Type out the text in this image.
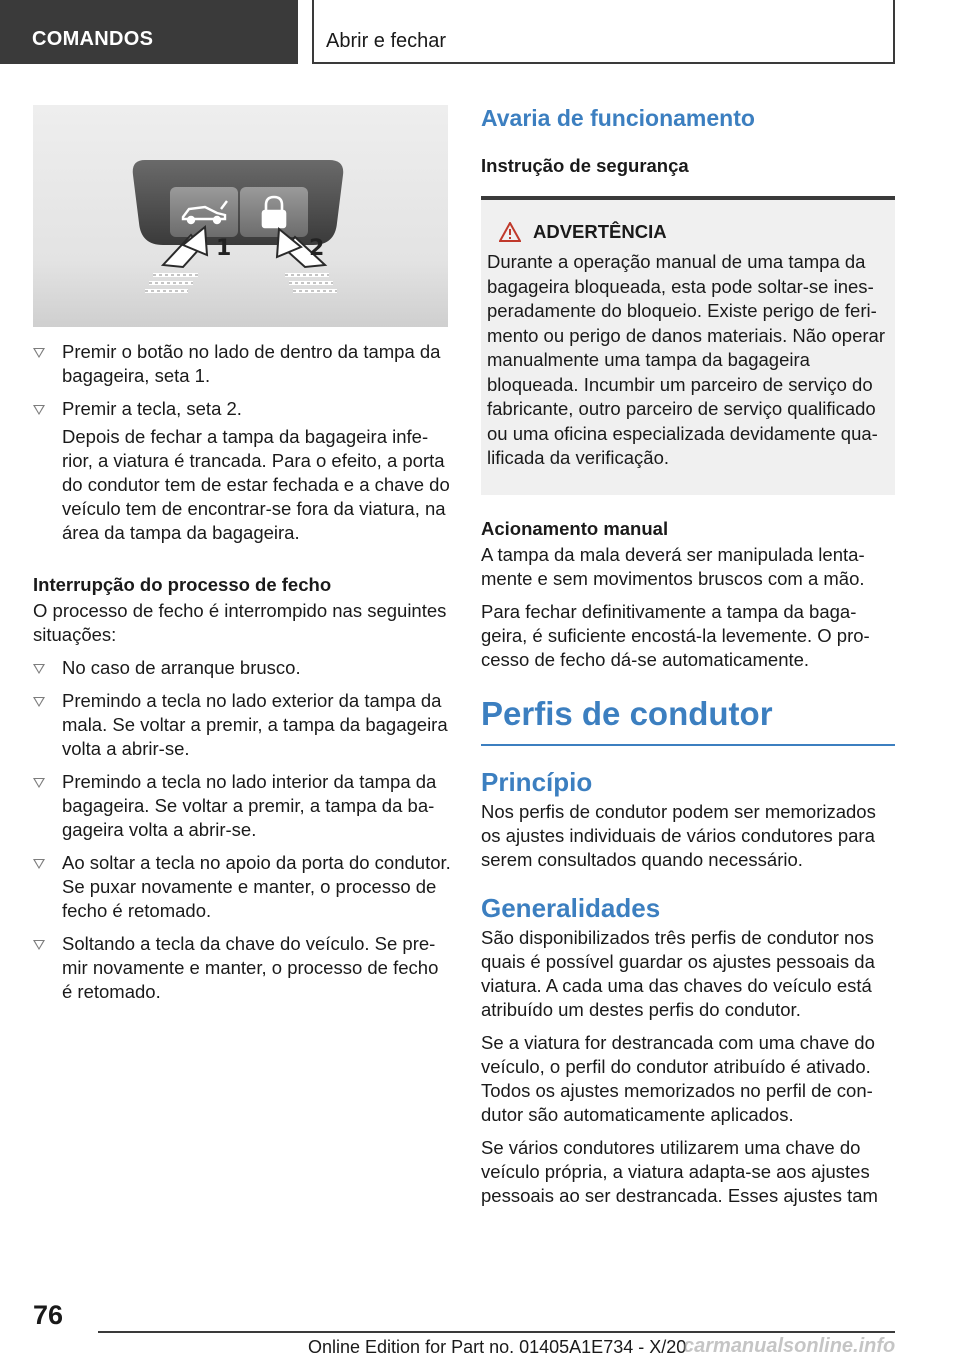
COMANDOS	Abrir e fechar
1	2
Premir o botão no lado de dentro da tampa da bagageira, seta 1.
Premir a tecla, seta 2.
Depois de fechar a tampa da bagageira inferior, a viatura é trancada. Para o efeito, a porta do condutor tem de estar fechada e a chave do veículo tem de encontrar-se fora da viatura, na área da tampa da bagageira.
Interrupção do processo de fecho
O processo de fecho é interrompido nas seguintes situações:
No caso de arranque brusco.
Premindo a tecla no lado exterior da tampa da mala. Se voltar a premir, a tampa da bagageira volta a abrir-se.
Premindo a tecla no lado interior da tampa da bagageira. Se voltar a premir, a tampa da bagageira volta a abrir-se.
Ao soltar a tecla no apoio da porta do condutor. Se puxar novamente e manter, o processo de fecho é retomado.
Soltando a tecla da chave do veículo. Se premir novamente e manter, o processo de fecho é retomado.
Avaria de funcionamento
Instrução de segurança
ADVERTÊNCIA
Durante a operação manual de uma tampa da bagageira bloqueada, esta pode soltar-se inesperadamente do bloqueio. Existe perigo de ferimento ou perigo de danos materiais. Não operar manualmente uma tampa da bagageira bloqueada. Incumbir um parceiro de serviço do fabricante, outro parceiro de serviço qualificado ou uma oficina especializada devidamente qualificada da verificação.
Acionamento manual
A tampa da mala deverá ser manipulada lentamente e sem movimentos bruscos com a mão.
Para fechar definitivamente a tampa da bagageira, é suficiente encostá-la levemente. O processo de fecho dá-se automaticamente.
Perfis de condutor
Princípio
Nos perfis de condutor podem ser memorizados os ajustes individuais de vários condutores para serem consultados quando necessário.
Generalidades
São disponibilizados três perfis de condutor nos quais é possível guardar os ajustes pessoais da viatura. A cada uma das chaves do veículo está atribuído um destes perfis do condutor.
Se a viatura for destrancada com uma chave do veículo, o perfil do condutor atribuído é ativado. Todos os ajustes memorizados no perfil de condutor são automaticamente aplicados.
Se vários condutores utilizarem uma chave do veículo própria, a viatura adapta-se aos ajustes pessoais ao ser destrancada. Esses ajustes tam
76
Online Edition for Part no. 01405A1E734 - X/20
carmanualsonline.info
